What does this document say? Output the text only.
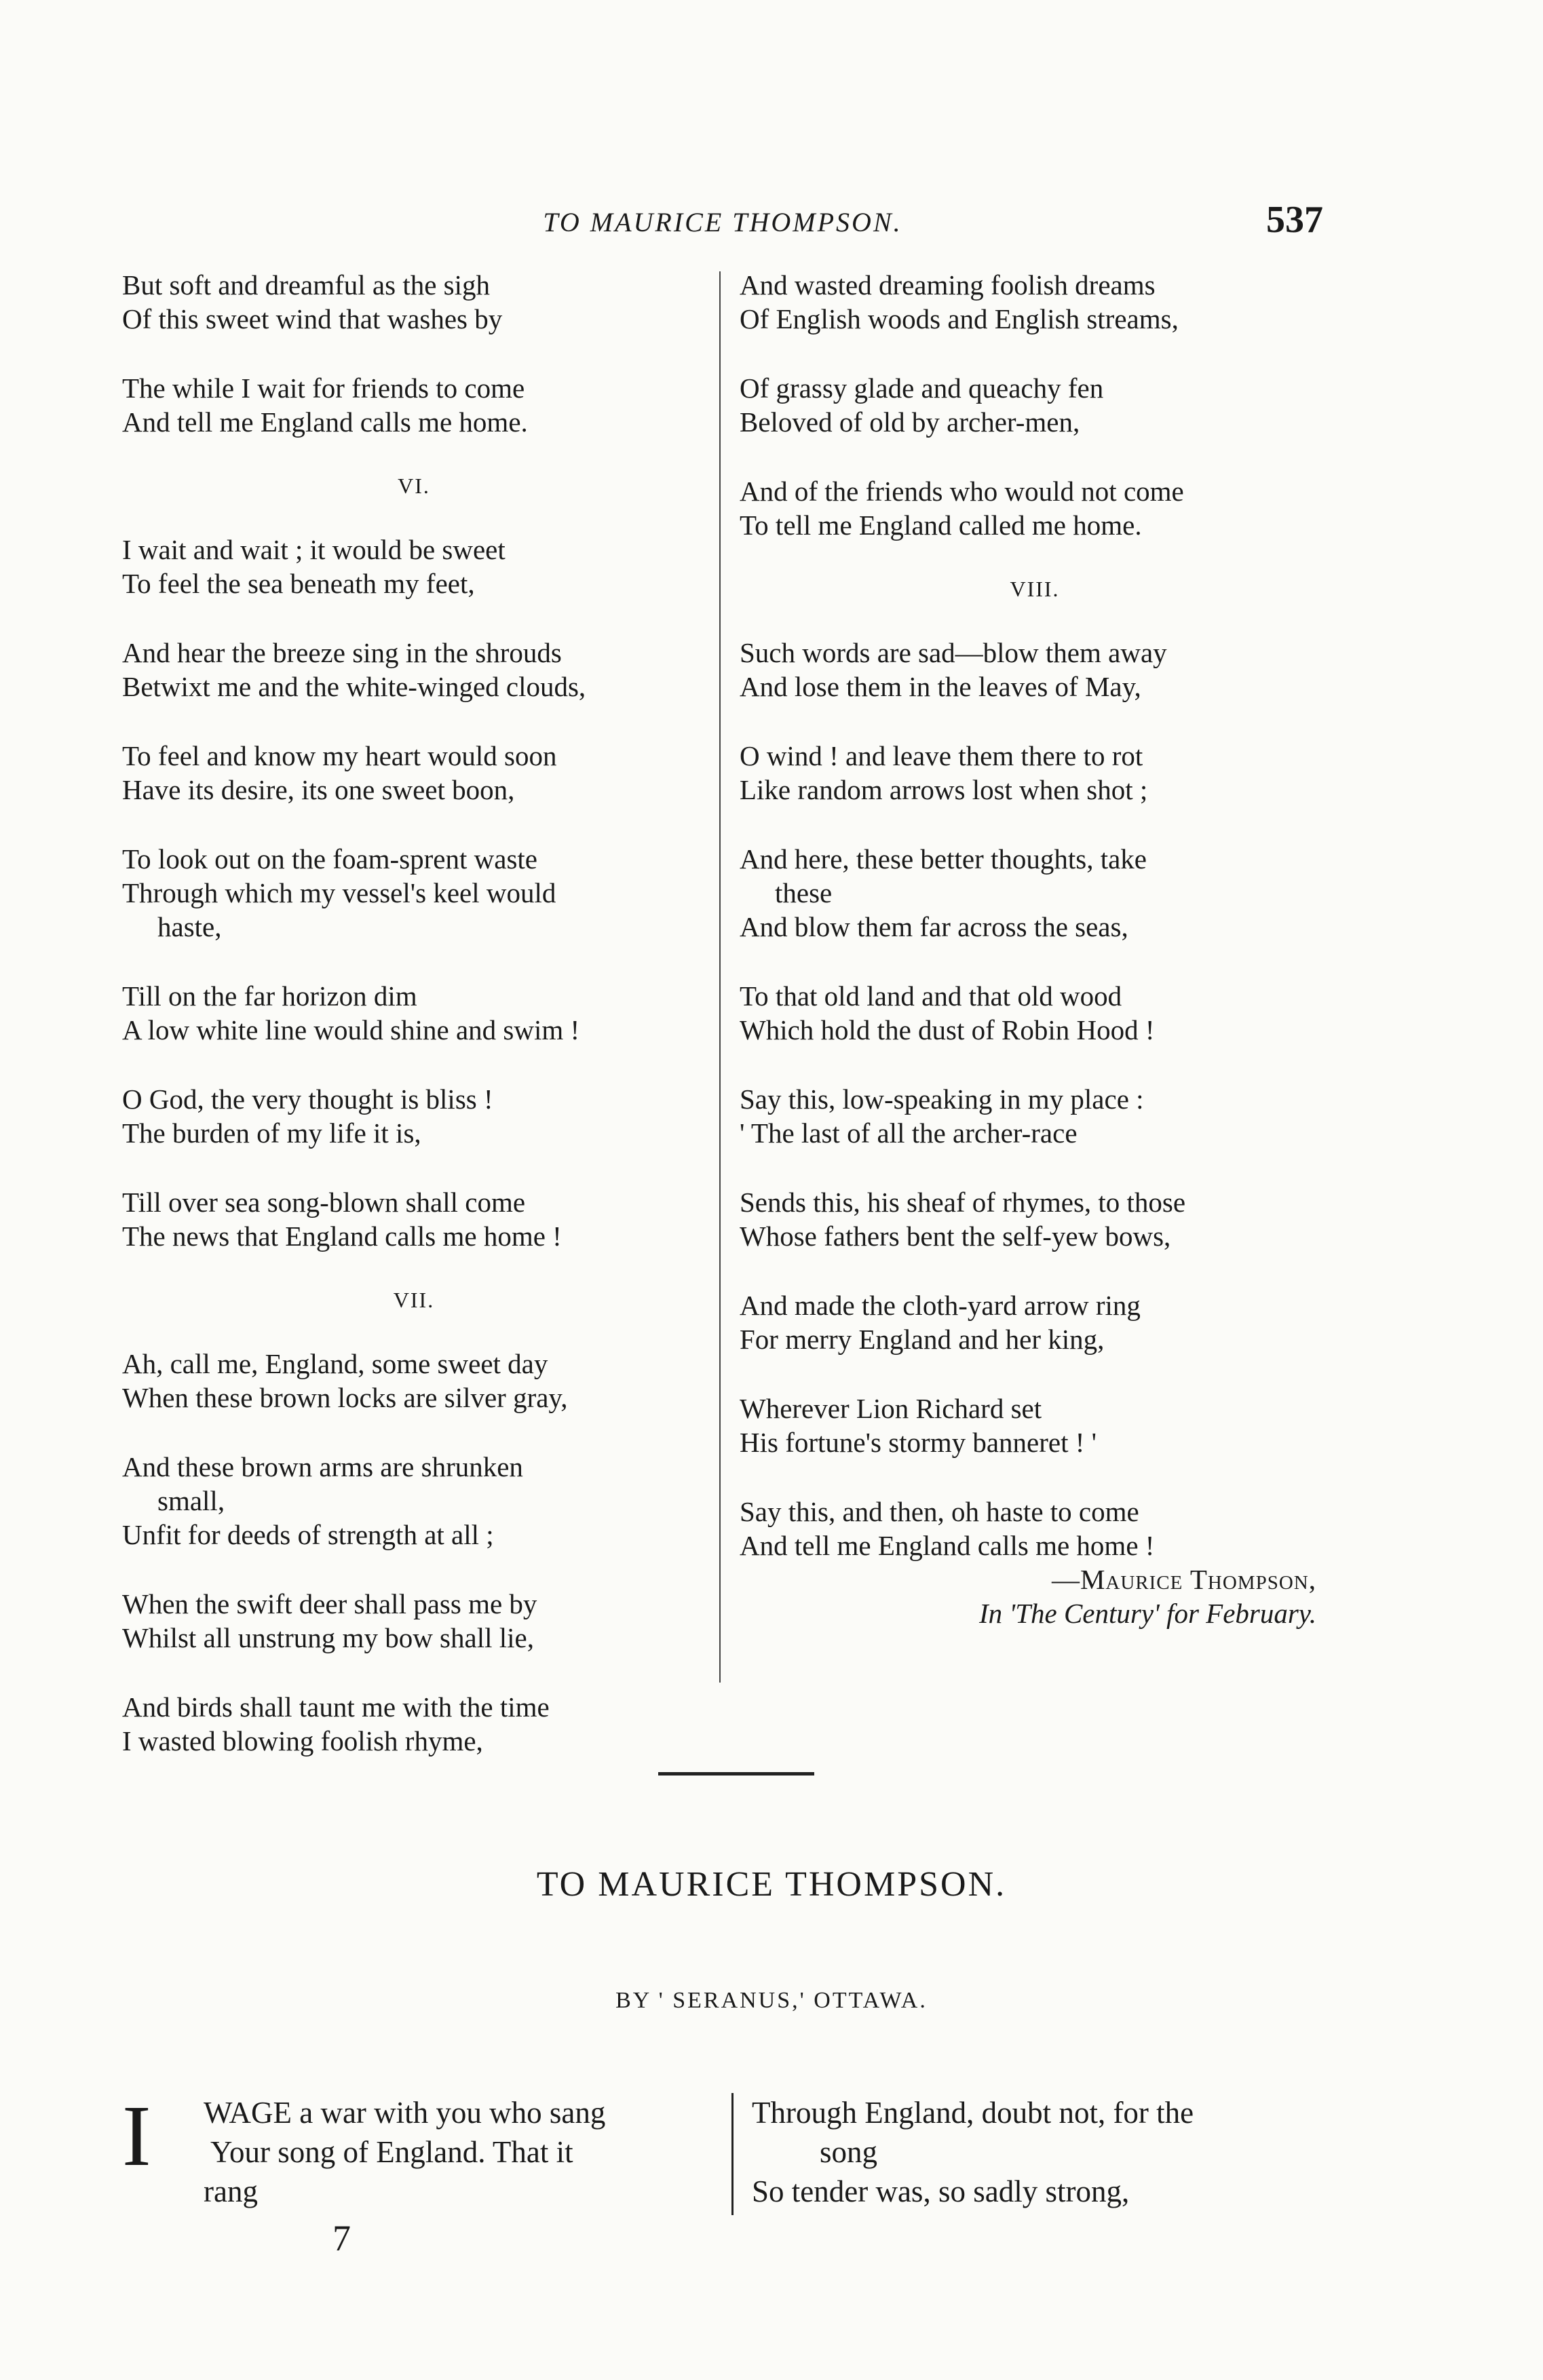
TO MAURICE THOMPSON.	537
But soft and dreamful as the sigh
Of this sweet wind that washes by
The while I wait for friends to come
And tell me England calls me home.
VI.
I wait and wait ; it would be sweet
To feel the sea beneath my feet,
And hear the breeze sing in the shrouds
Betwixt me and the white-winged clouds,
To feel and know my heart would soon
Have its desire, its one sweet boon,
To look out on the foam-sprent waste
Through which my vessel's keel would
haste,
Till on the far horizon dim
A low white line would shine and swim !
O God, the very thought is bliss !
The burden of my life it is,
Till over sea song-blown shall come
The news that England calls me home !
VII.
Ah, call me, England, some sweet day
When these brown locks are silver gray,
And these brown arms are shrunken
small,
Unfit for deeds of strength at all ;
When the swift deer shall pass me by
Whilst all unstrung my bow shall lie,
And birds shall taunt me with the time
I wasted blowing foolish rhyme,
And wasted dreaming foolish dreams
Of English woods and English streams,
Of grassy glade and queachy fen
Beloved of old by archer-men,
And of the friends who would not come
To tell me England called me home.
VIII.
Such words are sad—blow them away
And lose them in the leaves of May,
O wind ! and leave them there to rot
Like random arrows lost when shot ;
And here, these better thoughts, take
these
And blow them far across the seas,
To that old land and that old wood
Which hold the dust of Robin Hood !
Say this, low-speaking in my place :
' The last of all the archer-race
Sends this, his sheaf of rhymes, to those
Whose fathers bent the self-yew bows,
And made the cloth-yard arrow ring
For merry England and her king,
Wherever Lion Richard set
His fortune's stormy banneret ! '
Say this, and then, oh haste to come
And tell me England calls me home !
—Maurice Thompson,
In 'The Century' for February.
TO MAURICE THOMPSON.
BY ' SERANUS,' OTTAWA.
I	WAGE a war with you who sang
Your song of England. That it
rang
Through England, doubt not, for the
song
So tender was, so sadly strong,
7
